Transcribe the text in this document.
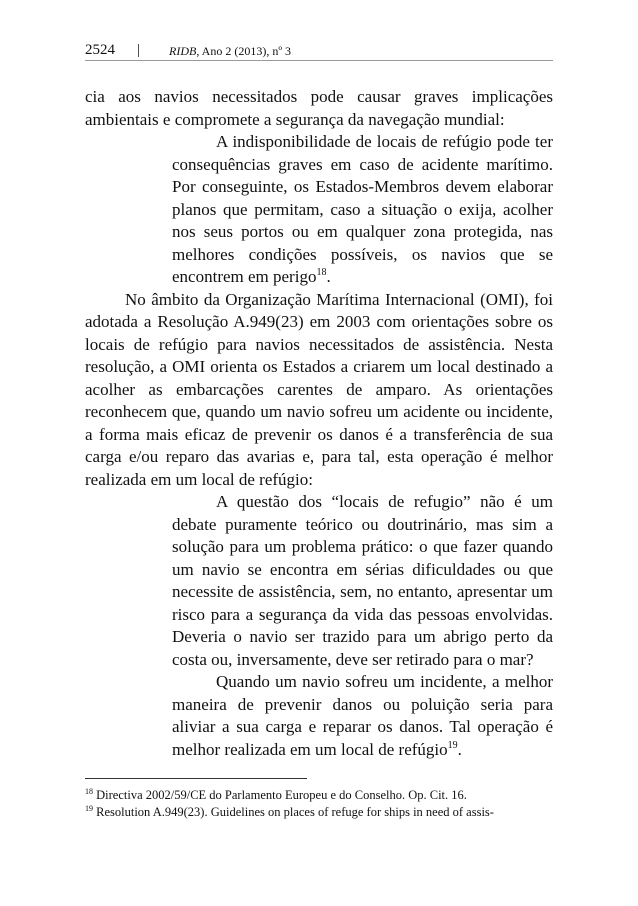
2524 | RIDB, Ano 2 (2013), nº 3

cia aos navios necessitados pode causar graves implicações ambientais e compromete a segurança da navegação mundial:

A indisponibilidade de locais de refúgio pode ter consequências graves em caso de acidente marítimo. Por conseguinte, os Estados-Membros devem elaborar planos que permitam, caso a situação o exija, acolher nos seus portos ou em qualquer zona protegida, nas melhores condições possíveis, os navios que se encontrem em perigo$^{18}$.

No âmbito da Organização Marítima Internacional (OMI), foi adotada a Resolução A.949(23) em 2003 com orientações sobre os locais de refúgio para navios necessitados de assistência. Nesta resolução, a OMI orienta os Estados a criarem um local destinado a acolher as embarcações carentes de amparo. As orientações reconhecem que, quando um navio sofreu um acidente ou incidente, a forma mais eficaz de prevenir os danos é a transferência de sua carga e/ou reparo das avarias e, para tal, esta operação é melhor realizada em um local de refúgio:

A questão dos “locais de refugio” não é um debate puramente teórico ou doutrinário, mas sim a solução para um problema prático: o que fazer quando um navio se encontra em sérias dificuldades ou que necessite de assistência, sem, no entanto, apresentar um risco para a segurança da vida das pessoas envolvidas. Deveria o navio ser trazido para um abrigo perto da costa ou, inversamente, deve ser retirado para o mar?

Quando um navio sofreu um incidente, a melhor maneira de prevenir danos ou poluição seria para aliviar a sua carga e reparar os danos. Tal operação é melhor realizada em um local de refúgio$^{19}$.

$^{18}$ Directiva 2002/59/CE do Parlamento Europeu e do Conselho. Op. Cit. 16.

$^{19}$ Resolution A.949(23). Guidelines on places of refuge for ships in need of assis-
